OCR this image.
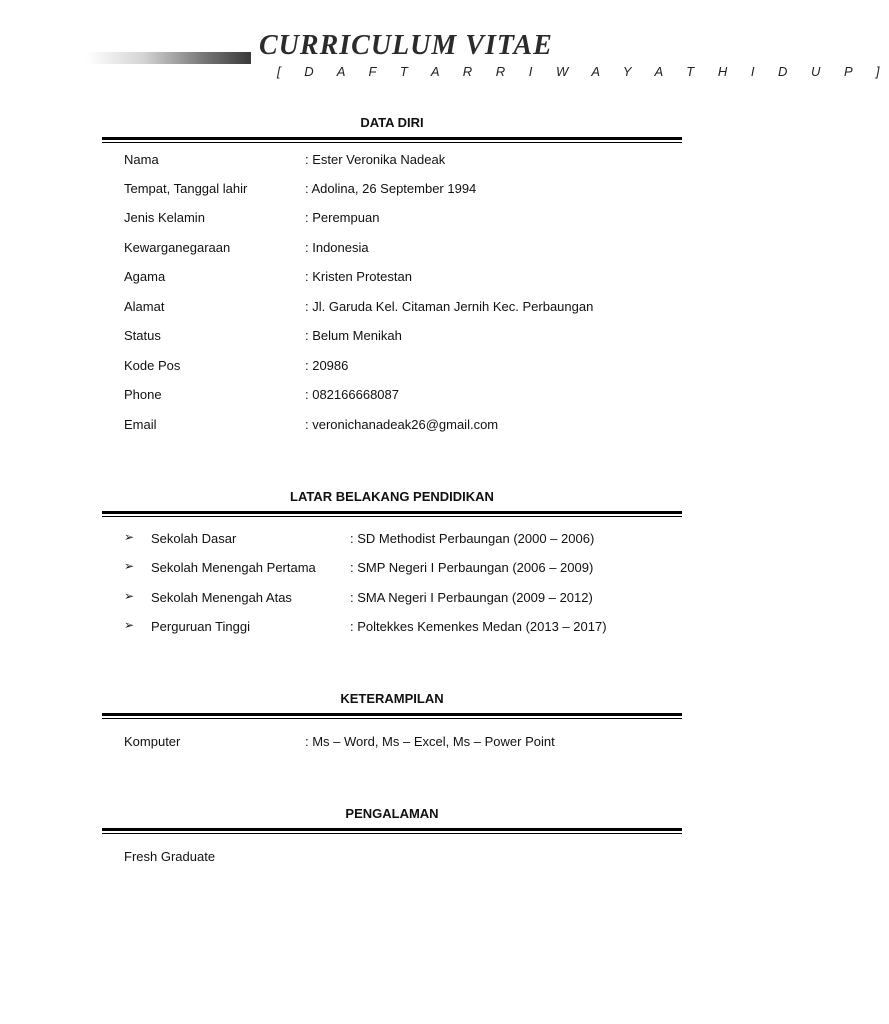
CURRICULUM VITAE
[ D A F T A R R I W A Y A T H I D U P ]
DATA DIRI
Nama	: Ester Veronika Nadeak
Tempat, Tanggal lahir	: Adolina, 26 September 1994
Jenis Kelamin	: Perempuan
Kewarganegaraan	: Indonesia
Agama	: Kristen Protestan
Alamat	: Jl. Garuda Kel. Citaman Jernih Kec. Perbaungan
Status	: Belum Menikah
Kode Pos	: 20986
Phone	: 082166668087
Email	: veronichanadeak26@gmail.com
LATAR BELAKANG PENDIDIKAN
➢ Sekolah Dasar	: SD Methodist Perbaungan (2000 – 2006)
➢ Sekolah Menengah Pertama	: SMP Negeri I Perbaungan (2006 – 2009)
➢ Sekolah Menengah Atas	: SMA Negeri I Perbaungan (2009 – 2012)
➢ Perguruan Tinggi	: Poltekkes Kemenkes Medan (2013 – 2017)
KETERAMPILAN
Komputer	: Ms – Word, Ms – Excel, Ms – Power Point
PENGALAMAN
Fresh Graduate
